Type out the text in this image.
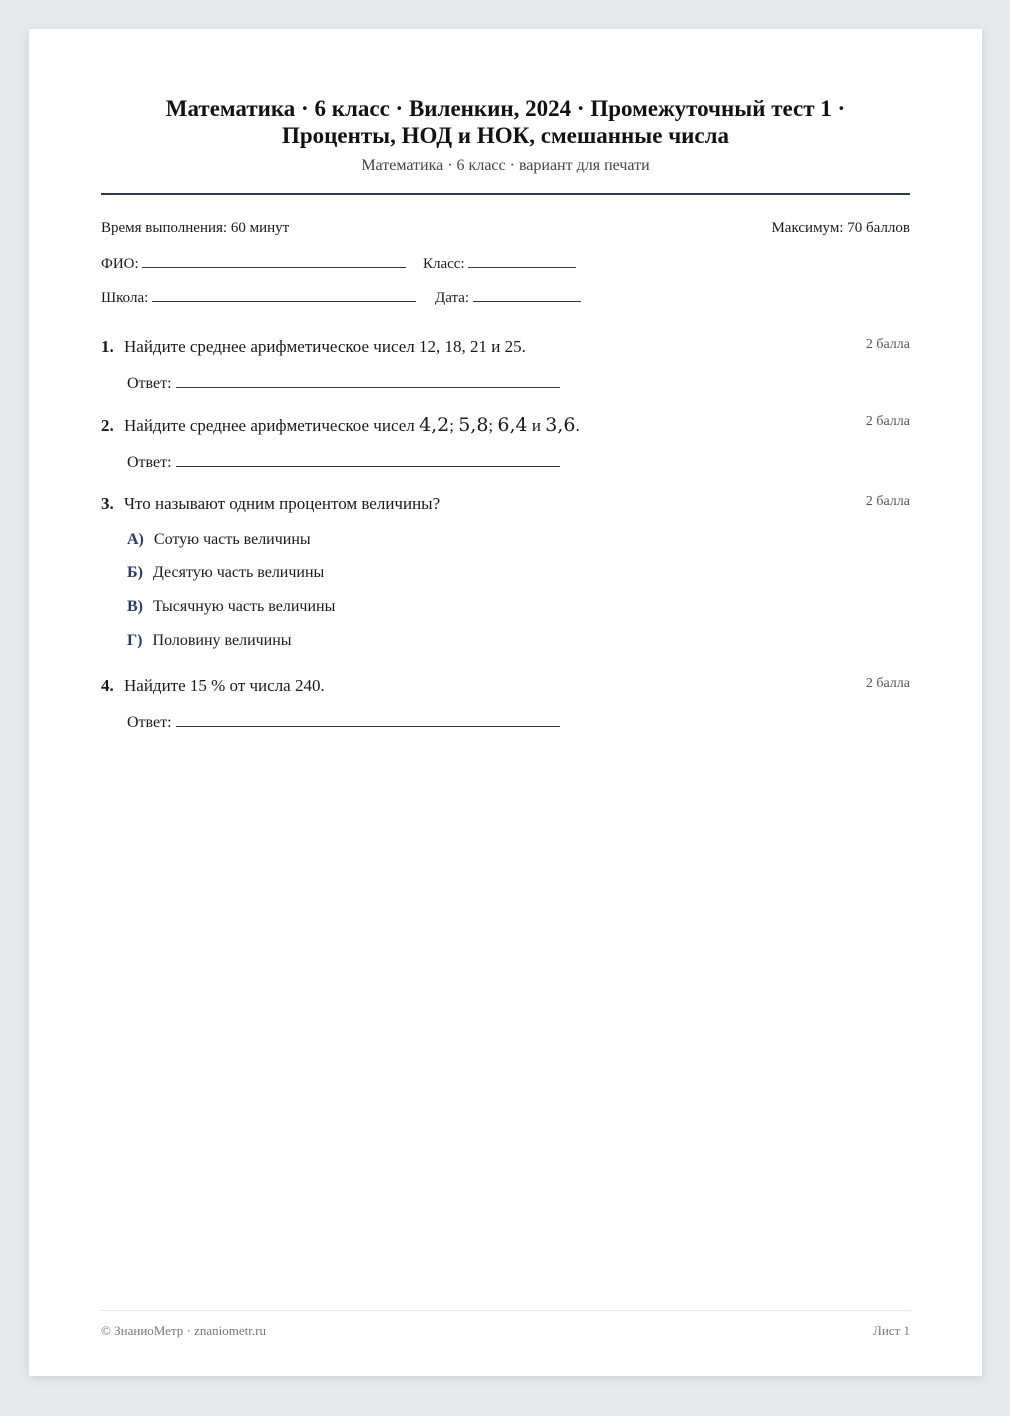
Математика · 6 класс · Виленкин, 2024 · Промежуточный тест 1 ·
Проценты, НОД и НОК, смешанные числа
Математика · 6 класс · вариант для печати
Время выполнения: 60 минут	Максимум: 70 баллов
ФИО:	Класс:
Школа:	Дата:
1. Найдите среднее арифметическое чисел 12, 18, 21 и 25.	2 балла
Ответ:
2. Найдите среднее арифметическое чисел 4,2; 5,8; 6,4 и 3,6.	2 балла
Ответ:
3. Что называют одним процентом величины?	2 балла
А) Сотую часть величины
Б) Десятую часть величины
В) Тысячную часть величины
Г) Половину величины
4. Найдите 15 % от числа 240.	2 балла
Ответ:
© ЗнаниоМетр · znaniometr.ru	Лист 1
